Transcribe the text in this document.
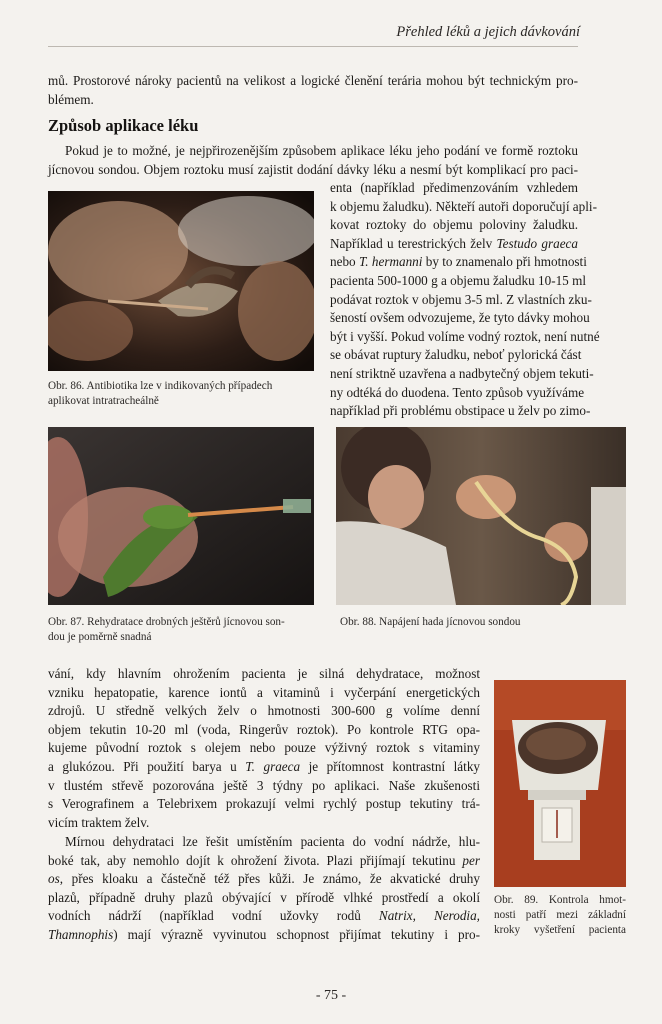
Přehled léků a jejich dávkování
mů. Prostorové nároky pacientů na velikost a logické členění terária mohou být technickým pro-
blémem.
Způsob aplikace léku
Pokud je to možné, je nejpřirozenějším způsobem aplikace léku jeho podání ve formě roztoku
jícnovou sondou. Objem roztoku musí zajistit dodání dávky léku a nesmí být komplikací pro paci-
Obr. 86. Antibiotika lze v indikovaných případech
aplikovat intratracheálně
enta (například předimenzováním vzhledem
k objemu žaludku). Někteří autoři doporučují apli-
kovat roztoky do objemu poloviny žaludku.
Například u terestrických želv Testudo graeca
nebo T. hermanni by to znamenalo při hmotnosti
pacienta 500-1000 g a objemu žaludku 10-15 ml
podávat roztok v objemu 3-5 ml. Z vlastních zku-
šeností ovšem odvozujeme, že tyto dávky mohou
být i vyšší. Pokud volíme vodný roztok, není nutné
se obávat ruptury žaludku, neboť pylorická část
není striktně uzavřena a nadbytečný objem tekuti-
ny odtéká do duodena. Tento způsob využíváme
například při problému obstipace u želv po zimo-
Obr. 87. Rehydratace drobných ještěrů jícnovou son-
dou je poměrně snadná
Obr. 88. Napájení hada jícnovou sondou
vání, kdy hlavním ohrožením pacienta je silná dehydratace, možnost
vzniku hepatopatie, karence iontů a vitaminů i vyčerpání energetických
zdrojů. U středně velkých želv o hmotnosti 300-600 g volíme denní
objem tekutin 10-20 ml (voda, Ringerův roztok). Po kontrole RTG opa-
kujeme původní roztok s olejem nebo pouze výživný roztok s vitaminy
a glukózou. Při použití barya u T. graeca je přítomnost kontrastní látky
v tlustém střevě pozorována ještě 3 týdny po aplikaci. Naše zkušenosti
s Verografinem a Telebrixem prokazují velmi rychlý postup tekutiny trá-
vicím traktem želv.
Mírnou dehydrataci lze řešit umístěním pacienta do vodní nádrže, hlu-
boké tak, aby nemohlo dojít k ohrožení života. Plazi přijímají tekutinu per
os, přes kloaku a částečně též přes kůži. Je známo, že akvatické druhy
plazů, případně druhy plazů obývající v přírodě vlhké prostředí a okolí
vodních nádrží (například vodní užovky rodů Natrix, Nerodia,
Thamnophis) mají výrazně vyvinutou schopnost přijímat tekutiny i pro-
Obr. 89. Kontrola hmot-
nosti patří mezi základní
kroky vyšetření pacienta
- 75 -
